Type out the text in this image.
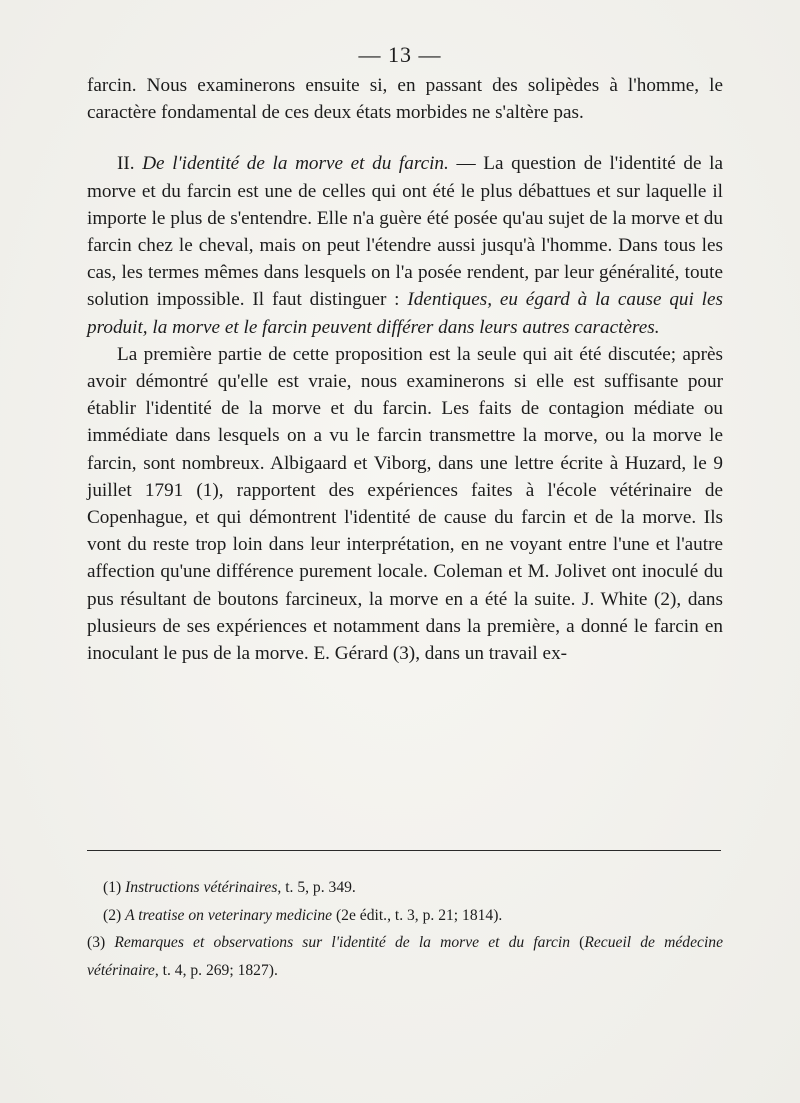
— 13 —

farcin. Nous examinerons ensuite si, en passant des solipèdes à l'homme, le caractère fondamental de ces deux états morbides ne s'altère pas.

II. De l'identité de la morve et du farcin. — La question de l'identité de la morve et du farcin est une de celles qui ont été le plus débattues et sur laquelle il importe le plus de s'entendre. Elle n'a guère été posée qu'au sujet de la morve et du farcin chez le cheval, mais on peut l'étendre aussi jusqu'à l'homme. Dans tous les cas, les termes mêmes dans lesquels on l'a posée rendent, par leur généralité, toute solution impossible. Il faut distinguer : Identiques, eu égard à la cause qui les produit, la morve et le farcin peuvent différer dans leurs autres caractères.

La première partie de cette proposition est la seule qui ait été discutée; après avoir démontré qu'elle est vraie, nous examinerons si elle est suffisante pour établir l'identité de la morve et du farcin. Les faits de contagion médiate ou immédiate dans lesquels on a vu le farcin transmettre la morve, ou la morve le farcin, sont nombreux. Albigaard et Viborg, dans une lettre écrite à Huzard, le 9 juillet 1791 (1), rapportent des expériences faites à l'école vétérinaire de Copenhague, et qui démontrent l'identité de cause du farcin et de la morve. Ils vont du reste trop loin dans leur interprétation, en ne voyant entre l'une et l'autre affection qu'une différence purement locale. Coleman et M. Jolivet ont inoculé du pus résultant de boutons farcineux, la morve en a été la suite. J. White (2), dans plusieurs de ses expériences et notamment dans la première, a donné le farcin en inoculant le pus de la morve. E. Gérard (3), dans un travail ex-

(1) Instructions vétérinaires, t. 5, p. 349.

(2) A treatise on veterinary medicine (2e édit., t. 3, p. 21; 1814).

(3) Remarques et observations sur l'identité de la morve et du farcin (Recueil de médecine vétérinaire, t. 4, p. 269; 1827).
